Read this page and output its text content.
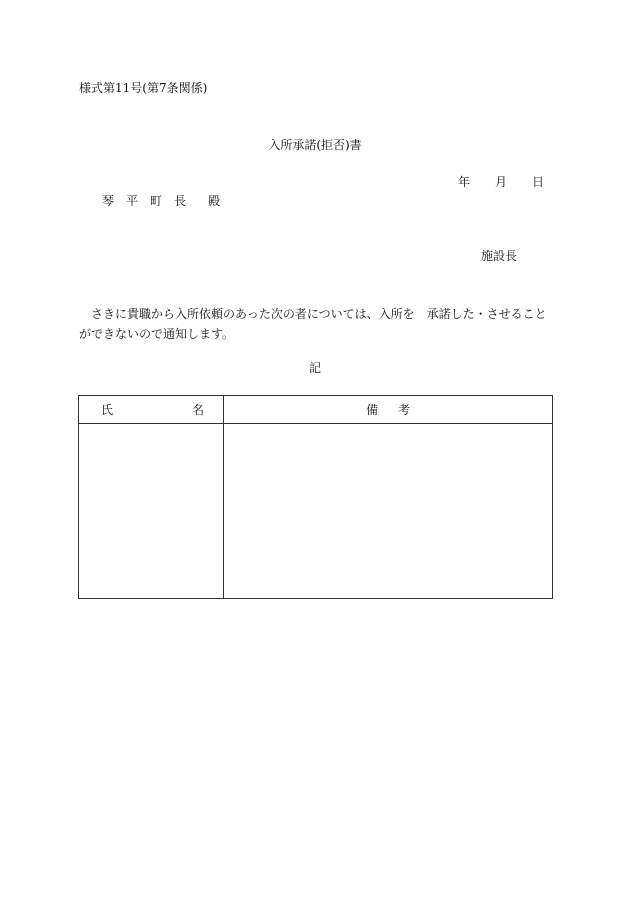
様式第11号(第7条関係)
入所承諾(拒否)書
年 月 日
琴 平 町 長 殿
施設長
さきに貴職から入所依頼のあった次の者については、入所を　承諾した・させることができないので通知します。
記
氏 名	備 考
